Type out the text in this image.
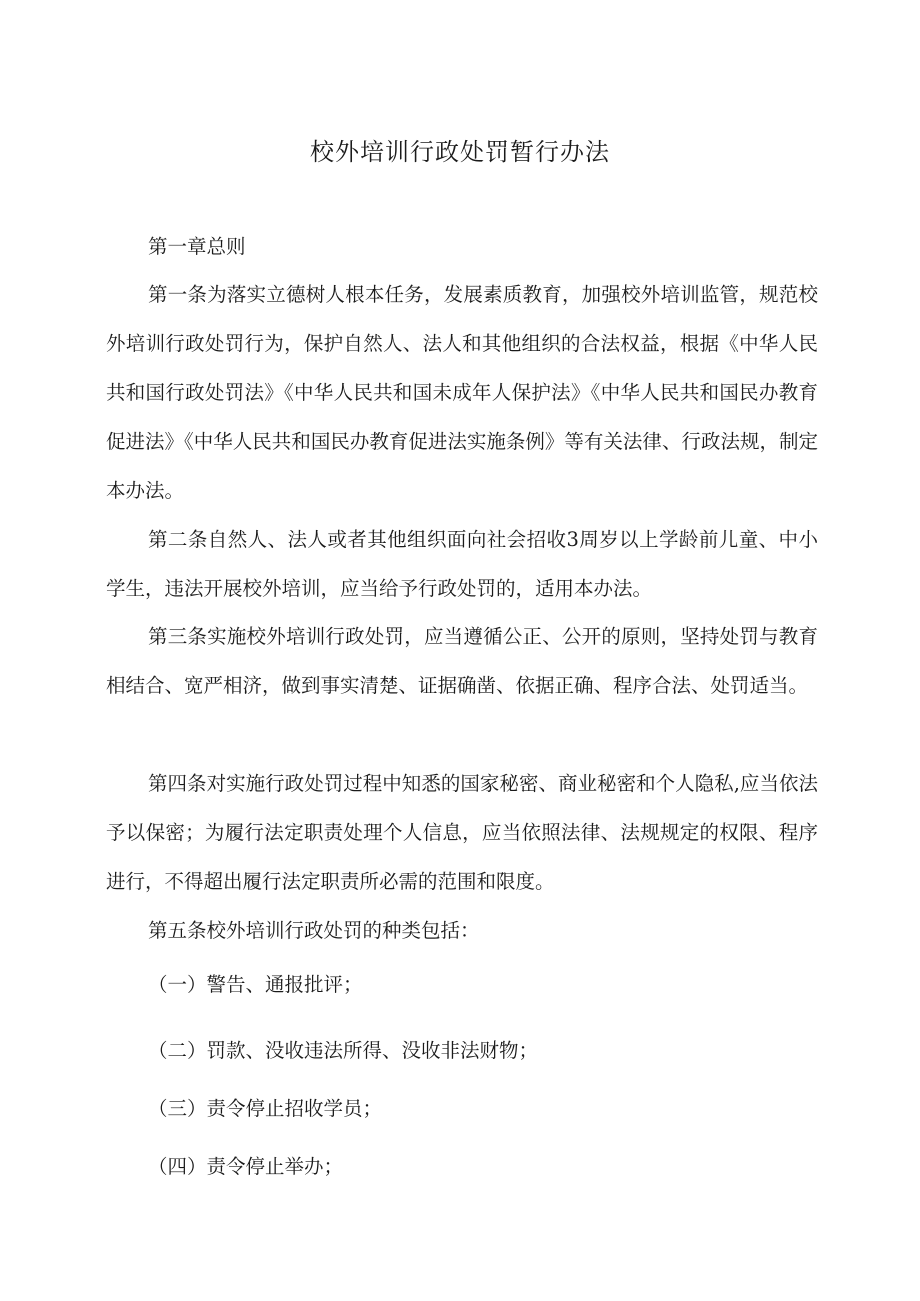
校外培训行政处罚暂行办法

第一章总则

第一条为落实立德树人根本任务，发展素质教育，加强校外培训监管，规范校外培训行政处罚行为，保护自然人、法人和其他组织的合法权益，根据《中华人民共和国行政处罚法》《中华人民共和国未成年人保护法》《中华人民共和国民办教育促进法》《中华人民共和国民办教育促进法实施条例》等有关法律、行政法规，制定本办法。

第二条自然人、法人或者其他组织面向社会招收3周岁以上学龄前儿童、中小学生，违法开展校外培训，应当给予行政处罚的，适用本办法。

第三条实施校外培训行政处罚，应当遵循公正、公开的原则，坚持处罚与教育相结合、宽严相济，做到事实清楚、证据确凿、依据正确、程序合法、处罚适当。

第四条对实施行政处罚过程中知悉的国家秘密、商业秘密和个人隐私,应当依法予以保密；为履行法定职责处理个人信息，应当依照法律、法规规定的权限、程序进行，不得超出履行法定职责所必需的范围和限度。

第五条校外培训行政处罚的种类包括：

（一）警告、通报批评；

（二）罚款、没收违法所得、没收非法财物；

（三）责令停止招收学员；

（四）责令停止举办；
